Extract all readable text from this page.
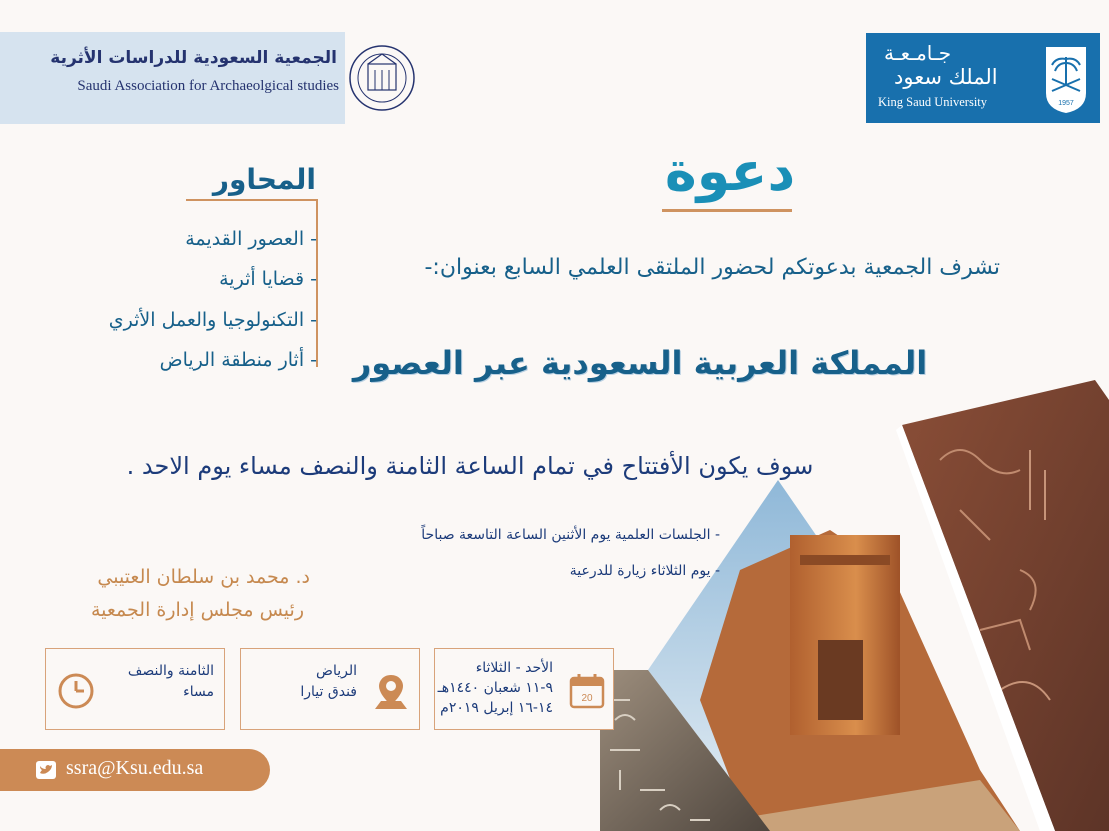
الجمعية السعودية للدراسات الأثرية
Saudi Association for Archaeolgical studies
جـامـعـة
الملك سعود
King Saud University	1957
دعوة
المحاور
- العصور القديمة
- قضايا أثرية
- التكنولوجيا والعمل الأثري
- أثار منطقة الرياض
تشرف الجمعية بدعوتكم لحضور الملتقى العلمي السابع بعنوان:-
المملكة العربية السعودية عبر العصور
سوف يكون الأفتتاح في تمام الساعة الثامنة والنصف مساء يوم الاحد .
- الجلسات العلمية يوم الأثنين الساعة التاسعة صباحاً
- يوم الثلاثاء زيارة للدرعية
د. محمد بن سلطان العتيبي
رئيس مجلس إدارة الجمعية
الثامنة والنصف
مساء
الرياض
فندق تيارا	20
الأحد - الثلاثاء
٩-١١ شعبان ١٤٤٠هـ
١٤-١٦ إبريل ٢٠١٩م
ssra@Ksu.edu.sa
